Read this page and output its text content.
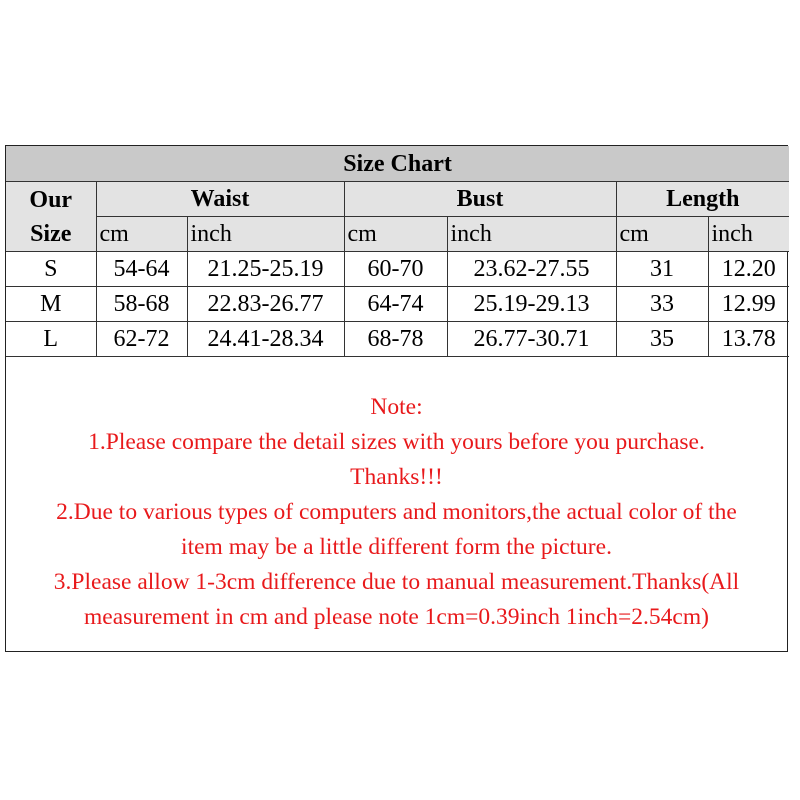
Size Chart						

Our
Size	Waist		Bust		Length	
	cm	inch	cm	inch	cm	inch
S	54-64	21.25-25.19	60-70	23.62-27.55	31	12.20
M	58-68	22.83-26.77	64-74	25.19-29.13	33	12.99
L	62-72	24.41-28.34	68-78	26.77-30.71	35	13.78

Note:

1.Please compare the detail sizes with yours before you purchase.

Thanks!!!

2.Due to various types of computers and monitors,the actual color of the

item may be a little different form the picture.

3.Please allow 1-3cm difference due to manual measurement.Thanks(All

measurement in cm and please note 1cm=0.39inch 1inch=2.54cm)
